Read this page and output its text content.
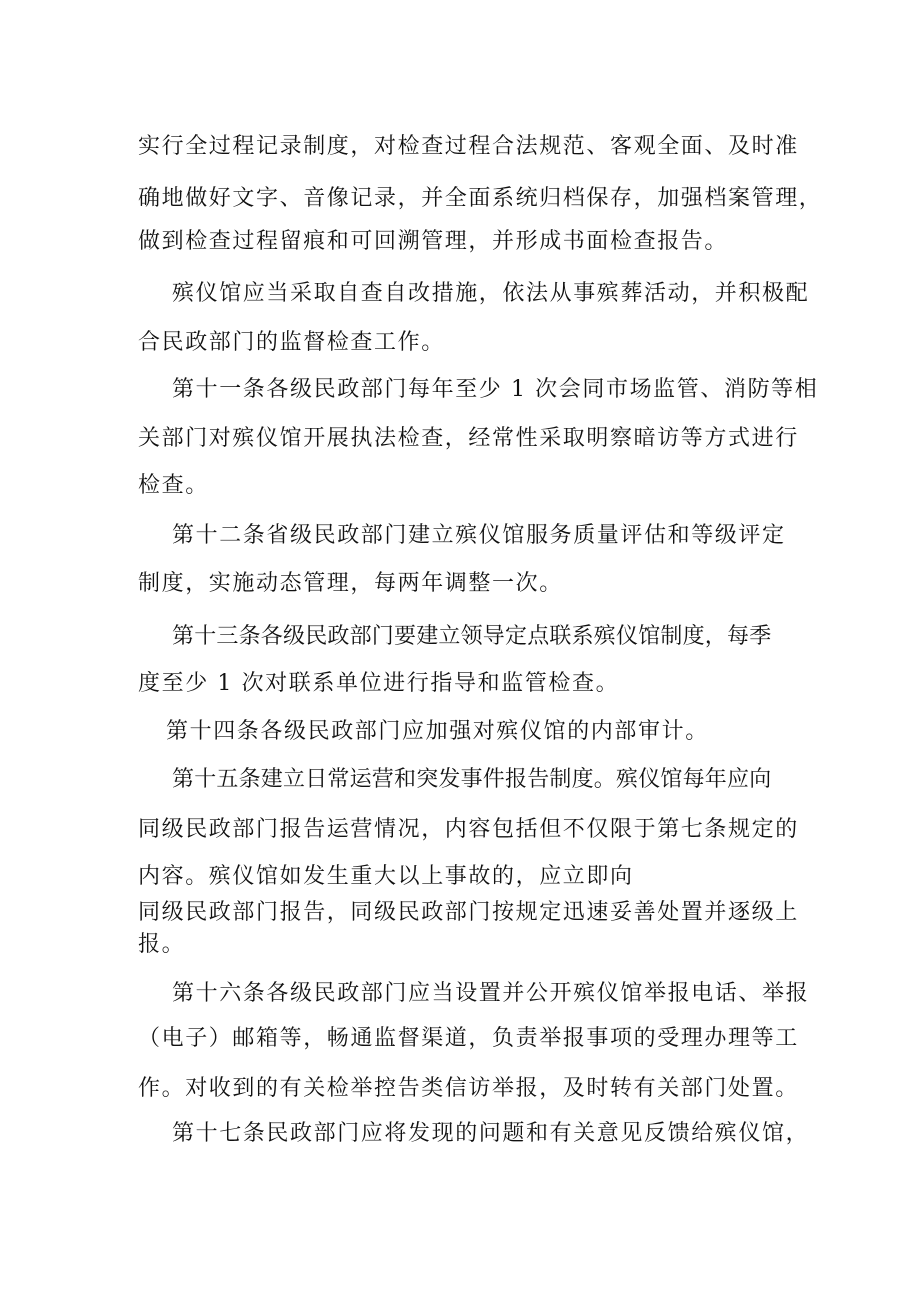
实行全过程记录制度，对检查过程合法规范、客观全面、及时准
确地做好文字、音像记录，并全面系统归档保存，加强档案管理，
做到检查过程留痕和可回溯管理，并形成书面检查报告。
殡仪馆应当采取自查自改措施，依法从事殡葬活动，并积极配
合民政部门的监督检查工作。
第十一条各级民政部门每年至少 1 次会同市场监管、消防等相
关部门对殡仪馆开展执法检查，经常性采取明察暗访等方式进行
检查。
第十二条省级民政部门建立殡仪馆服务质量评估和等级评定
制度，实施动态管理，每两年调整一次。
第十三条各级民政部门要建立领导定点联系殡仪馆制度，每季
度至少 1 次对联系单位进行指导和监管检查。
第十四条各级民政部门应加强对殡仪馆的内部审计。
第十五条建立日常运营和突发事件报告制度。殡仪馆每年应向
同级民政部门报告运营情况，内容包括但不仅限于第七条规定的
内容。殡仪馆如发生重大以上事故的，应立即向
同级民政部门报告，同级民政部门按规定迅速妥善处置并逐级上
报。
第十六条各级民政部门应当设置并公开殡仪馆举报电话、举报
（电子）邮箱等，畅通监督渠道，负责举报事项的受理办理等工
作。对收到的有关检举控告类信访举报，及时转有关部门处置。
第十七条民政部门应将发现的问题和有关意见反馈给殡仪馆，
